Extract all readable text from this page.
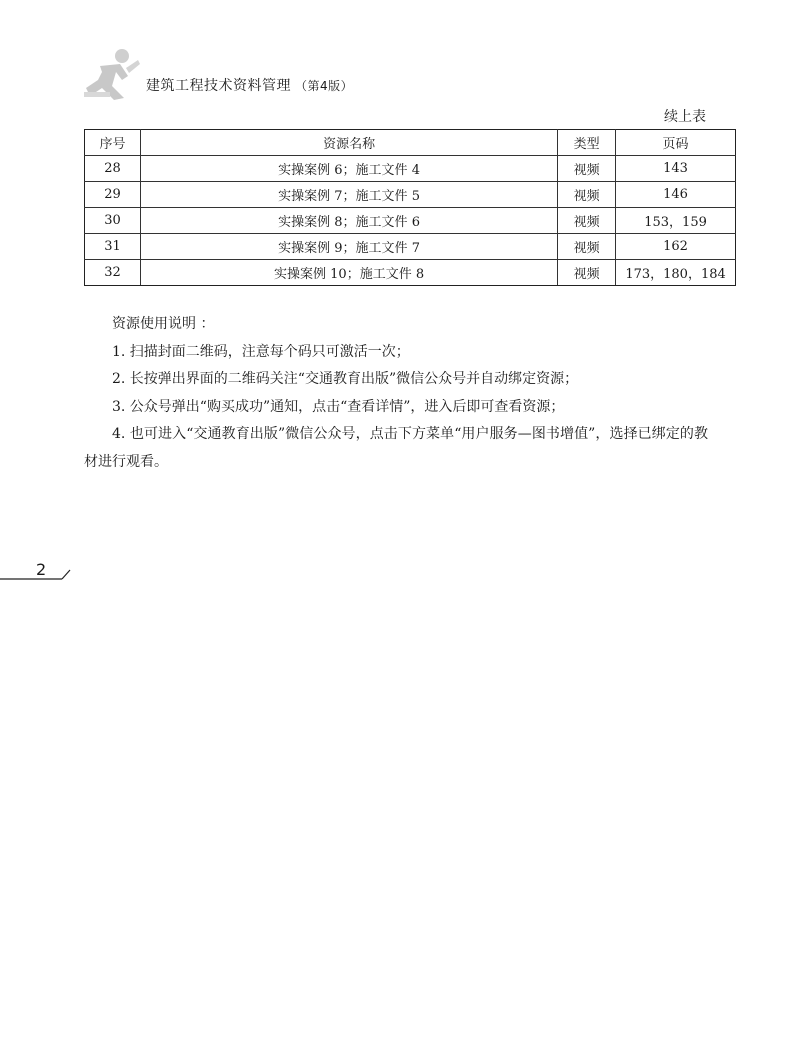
建筑工程技术资料管理 （第4版）
续上表
序号	资源名称	类型	页码
28	实操案例 6；施工文件 4	视频	143
29	实操案例 7；施工文件 5	视频	146
30	实操案例 8；施工文件 6	视频	153，159
31	实操案例 9；施工文件 7	视频	162
32	实操案例 10；施工文件 8	视频	173，180，184

资源使用说明 ：

1. 扫描封面二维码，注意每个码只可激活一次；

2. 长按弹出界面的二维码关注“交通教育出版”微信公众号并自动绑定资源；

3. 公众号弹出“购买成功”通知，点击“查看详情”，进入后即可查看资源；

4. 也可进入“交通教育出版”微信公众号，点击下方菜单“用户服务—图书增值”，选择已绑定的教材进行观看。

2
